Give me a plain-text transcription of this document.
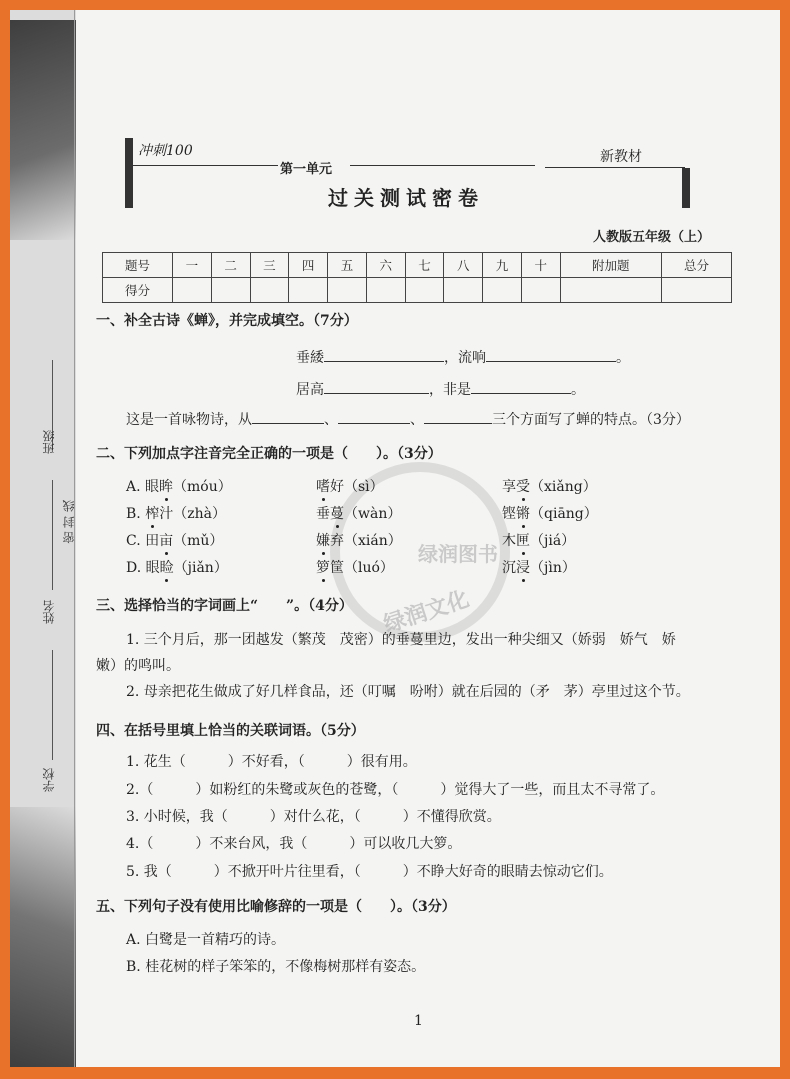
班级
密 封 线
姓名
学校

冲刺100
第一单元
新教材
过关测试密卷
人教版五年级（上）
题号	一	二	三	四	五	六	七	八	九	十	附加题	总分
得分												
绿润图书
绿润文化
一、补全古诗《蝉》，并完成填空。（7分）
垂緌	，流响	。
居高	，非是	。
这是一首咏物诗，从	、	、	三个方面写了蝉的特点。（3分）
二、下列加点字注音完全正确的一项是（　　）。（3分）
A. 眼眸（móu）	嗜好（sì）	享受（xiǎng）
B. 榨汁（zhà）	垂蔓（wàn）	铿锵（qiāng）
C. 田亩（mǔ）	嫌弃（xián）	木匣（jiá）
D. 眼睑（jiǎn）	箩筐（luó）	沉浸（jìn）
三、选择恰当的字词画上“　　”。（4分）
1. 三个月后，那一团越发（繁茂　茂密）的垂蔓里边，发出一种尖细又（娇弱　娇气　娇
嫩）的鸣叫。
2. 母亲把花生做成了好几样食品，还（叮嘱　吩咐）就在后园的（矛　茅）亭里过这个节。
四、在括号里填上恰当的关联词语。（5分）
1. 花生（　　　）不好看，（　　　）很有用。
2.（　　　）如粉红的朱鹭或灰色的苍鹭，（　　　）觉得大了一些，而且太不寻常了。
3. 小时候，我（　　　）对什么花，（　　　）不懂得欣赏。
4.（　　　）不来台风，我（　　　）可以收几大箩。
5. 我（　　　）不掀开叶片往里看，（　　　）不睁大好奇的眼睛去惊动它们。
五、下列句子没有使用比喻修辞的一项是（　　）。（3分）
A. 白鹭是一首精巧的诗。
B. 桂花树的样子笨笨的，不像梅树那样有姿态。
1
